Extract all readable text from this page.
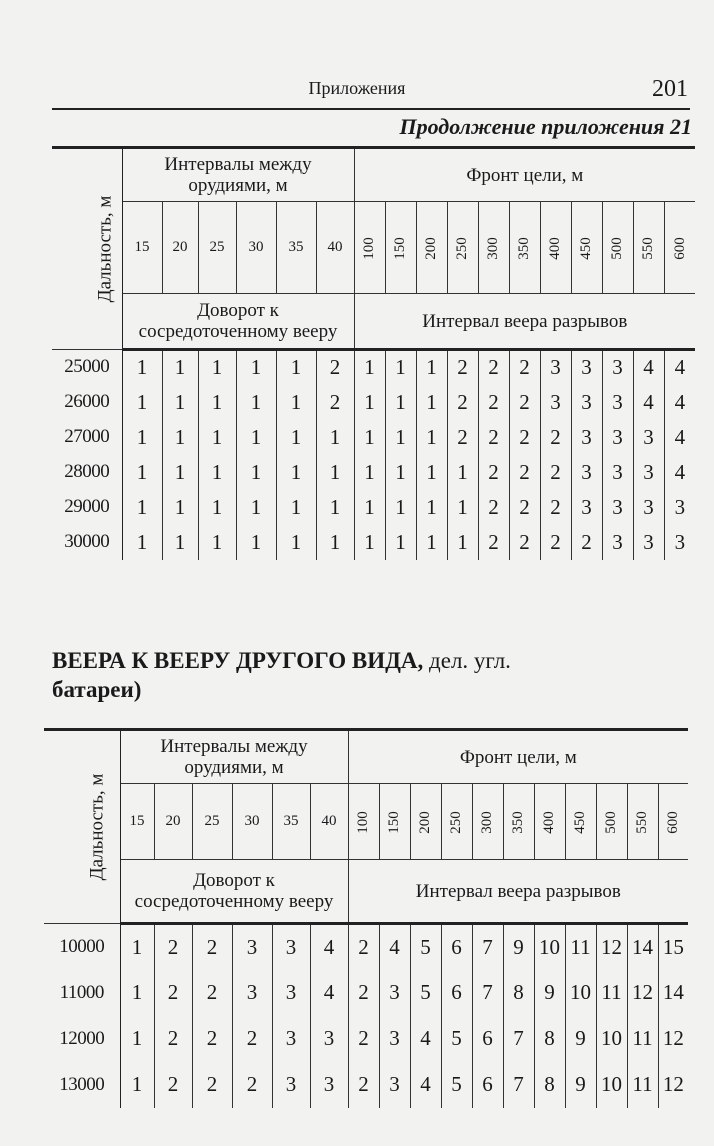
Приложения	201
Продолжение приложения 21
	Дальность, м	Интервалы между орудиями, м						Фронт цели, м										
		15	20	25	30	35	40	100	150	200	250	300	350	400	450	500	550	600
		Доворот к сосредоточенному вееру						Интервал веера разрывов										
	25000	1	1	1	1	1	2	1	1	1	2	2	2	3	3	3	4	4
	26000	1	1	1	1	1	2	1	1	1	2	2	2	3	3	3	4	4
	27000	1	1	1	1	1	1	1	1	1	2	2	2	2	3	3	3	4
	28000	1	1	1	1	1	1	1	1	1	1	2	2	2	3	3	3	4
	29000	1	1	1	1	1	1	1	1	1	1	2	2	2	3	3	3	3
	30000	1	1	1	1	1	1	1	1	1	1	2	2	2	2	3	3	3
ВЕЕРА К ВЕЕРУ ДРУГОГО ВИДА, дел. угл.
батареи)
	Дальность, м	Интервалы между орудиями, м						Фронт цели, м										
		15	20	25	30	35	40	100	150	200	250	300	350	400	450	500	550	600
		Доворот к сосредоточенному вееру						Интервал веера разрывов										
	10000	1	2	2	3	3	4	2	4	5	6	7	9	10	11	12	14	15
	11000	1	2	2	3	3	4	2	3	5	6	7	8	9	10	11	12	14
	12000	1	2	2	2	3	3	2	3	4	5	6	7	8	9	10	11	12
	13000	1	2	2	2	3	3	2	3	4	5	6	7	8	9	10	11	12
